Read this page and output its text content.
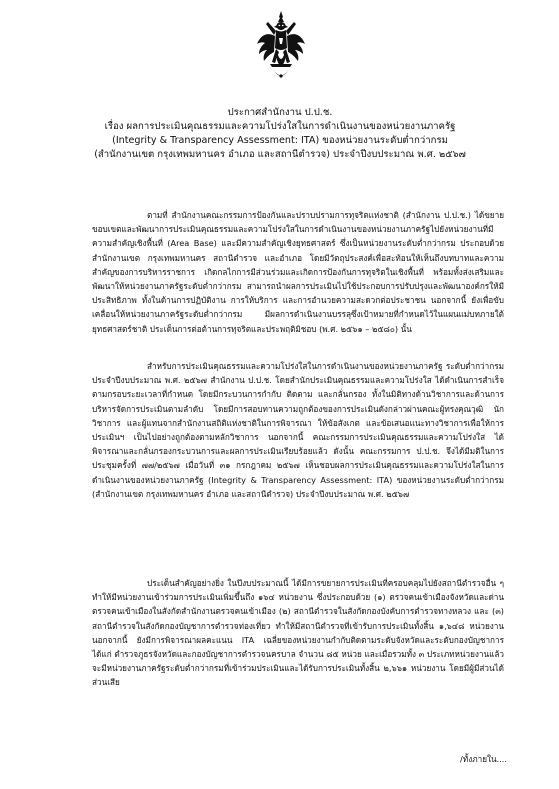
ประกาศสำนักงาน ป.ป.ช.
เรื่อง ผลการประเมินคุณธรรมและความโปร่งใสในการดำเนินงานของหน่วยงานภาครัฐ
(Integrity & Transparency Assessment: ITA) ของหน่วยงานระดับต่ำกว่ากรม
(สำนักงานเขต กรุงเทพมหานคร อำเภอ และสถานีตำรวจ) ประจำปีงบประมาณ พ.ศ. ๒๕๖๗

ตามที่ สำนักงานคณะกรรมการป้องกันและปราบปรามการทุจริตแห่งชาติ (สำนักงาน ป.ป.ช.) ได้ขยายขอบเขตและพัฒนาการประเมินคุณธรรมและความโปร่งใสในการดำเนินงานของหน่วยงานภาครัฐไปยังหน่วยงานที่มีความสำคัญเชิงพื้นที่ (Area Base) และมีความสำคัญเชิงยุทธศาสตร์ ซึ่งเป็นหน่วยงานระดับต่ำกว่ากรม ประกอบด้วย สำนักงานเขต กรุงเทพมหานคร สถานีตำรวจ และอำเภอ โดยมีวัตถุประสงค์เพื่อสะท้อนให้เห็นถึงบทบาทและความสำคัญของการบริหารราชการ เกิดกลไกการมีส่วนร่วมและเกิดการป้องกันการทุจริตในเชิงพื้นที่ พร้อมทั้งส่งเสริมและพัฒนาให้หน่วยงานภาครัฐระดับต่ำกว่ากรม สามารถนำผลการประเมินไปใช้ประกอบการปรับปรุงและพัฒนาองค์กรให้มีประสิทธิภาพ ทั้งในด้านการปฏิบัติงาน การให้บริการ และการอำนวยความสะดวกต่อประชาชน นอกจากนี้ ยังเพื่อขับเคลื่อนให้หน่วยงานภาครัฐระดับต่ำกว่ากรม มีผลการดำเนินงานบรรลุซึ่งเป้าหมายที่กำหนดไว้ในแผนแม่บทภายใต้ยุทธศาสตร์ชาติ ประเด็นการต่อต้านการทุจริตและประพฤติมิชอบ (พ.ศ. ๒๕๖๑ – ๒๕๘๐) นั้น

สำหรับการประเมินคุณธรรมและความโปร่งใสในการดำเนินงานของหน่วยงานภาครัฐ ระดับต่ำกว่ากรม ประจำปีงบประมาณ พ.ศ. ๒๕๖๗ สำนักงาน ป.ป.ช. โดยสำนักประเมินคุณธรรมและความโปร่งใส ได้ดำเนินการสำเร็จตามกรอบระยะเวลาที่กำหนด โดยมีกระบวนการกำกับ ติดตาม และกลั่นกรอง ทั้งในมิติทางด้านวิชาการและด้านการบริหารจัดการประเมินตามลำดับ โดยมีการสอบทานความถูกต้องของการประเมินดังกล่าวผ่านคณะผู้ทรงคุณวุฒิ นักวิชาการ และผู้แทนจากสำนักงานสถิติแห่งชาติในการพิจารณา ให้ข้อสังเกต และข้อเสนอแนะทางวิชาการเพื่อให้การประเมินฯ เป็นไปอย่างถูกต้องตามหลักวิชาการ นอกจากนี้ คณะกรรมการประเมินคุณธรรมและความโปร่งใส ได้พิจารณาและกลั่นกรองกระบวนการและผลการประเมินเรียบร้อยแล้ว ดังนั้น คณะกรรมการ ป.ป.ช. จึงได้มีมติในการประชุมครั้งที่ ๗๗/๒๕๖๗ เมื่อวันที่ ๓๑ กรกฎาคม ๒๕๖๗ เห็นชอบผลการประเมินคุณธรรมและความโปร่งใสในการดำเนินงานของหน่วยงานภาครัฐ (Integrity & Transparency Assessment: ITA) ของหน่วยงานระดับต่ำกว่ากรม (สำนักงานเขต กรุงเทพมหานคร อำเภอ และสถานีตำรวจ) ประจำปีงบประมาณ พ.ศ. ๒๕๖๗

ประเด็นสำคัญอย่างยิ่ง ในปีงบประมาณนี้ ได้มีการขยายการประเมินที่ครอบคลุมไปยังสถานีตำรวจอื่น ๆ ทำให้มีหน่วยงานเข้าร่วมการประเมินเพิ่มขึ้นถึง ๑๖๔ หน่วยงาน ซึ่งประกอบด้วย (๑) ตรวจคนเข้าเมืองจังหวัดและด่านตรวจคนเข้าเมืองในสังกัดสำนักงานตรวจคนเข้าเมือง (๒) สถานีตำรวจในสังกัดกองบังคับการตำรวจทางหลวง และ (๓) สถานีตำรวจในสังกัดกองบัญชาการตำรวจท่องเที่ยว ทำให้มีสถานีตำรวจที่เข้ารับการประเมินทั้งสิ้น ๑,๖๔๘ หน่วยงาน นอกจากนี้ ยังมีการพิจารณาผลคะแนน ITA เฉลี่ยของหน่วยงานกำกับติดตามระดับจังหวัดและระดับกองบัญชาการ ได้แก่ ตำรวจภูธรจังหวัดและกองบัญชาการตำรวจนครบาล จำนวน ๘๕ หน่วย และเมื่อรวมทั้ง ๓ ประเภทหน่วยงานแล้วจะมีหน่วยงานภาครัฐระดับต่ำกว่ากรมที่เข้าร่วมประเมินและได้รับการประเมินทั้งสิ้น ๒,๖๖๑ หน่วยงาน โดยมีผู้มีส่วนได้ส่วนเสีย

/ทั้งภายใน....
